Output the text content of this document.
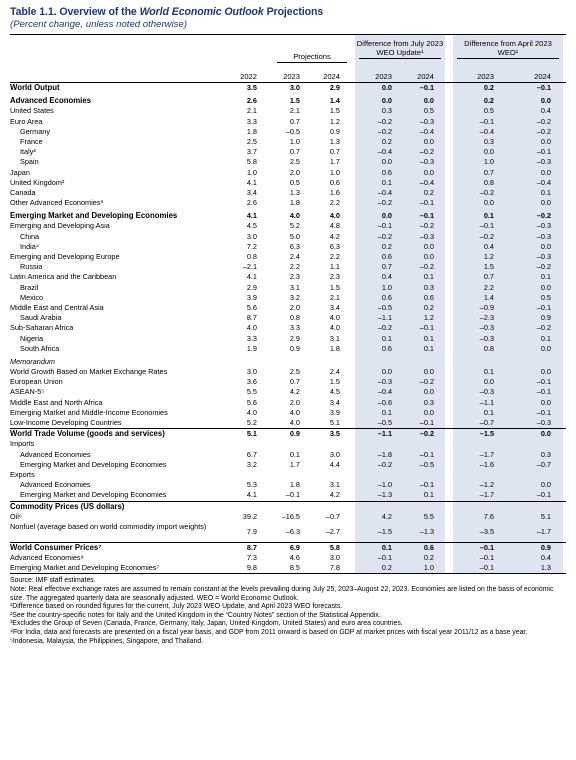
Table 1.1. Overview of the World Economic Outlook Projections
(Percent change, unless noted otherwise)
Projections
Difference from July 2023 WEO Update¹
Difference from April 2023 WEO¹
2022	2023	2024	2023	2024	2023	2024
World Output	3.5	3.0	2.9	0.0	–0.1	0.2	–0.1
Advanced Economies	2.6	1.5	1.4	0.0	0.0	0.2	0.0
United States	2.1	2.1	1.5	0.3	0.5	0.5	0.4
Euro Area	3.3	0.7	1.2	–0.2	–0.3	–0.1	–0.2
Germany	1.8	–0.5	0.9	–0.2	–0.4	–0.4	–0.2
France	2.5	1.0	1.3	0.2	0.0	0.3	0.0
Italy²	3.7	0.7	0.7	–0.4	–0.2	0.0	–0.1
Spain	5.8	2.5	1.7	0.0	–0.3	1.0	–0.3
Japan	1.0	2.0	1.0	0.6	0.0	0.7	0.0
United Kingdom²	4.1	0.5	0.6	0.1	–0.4	0.8	–0.4
Canada	3.4	1.3	1.6	–0.4	0.2	–0.2	0.1
Other Advanced Economies³	2.6	1.8	2.2	–0.2	–0.1	0.0	0.0
Emerging Market and Developing Economies	4.1	4.0	4.0	0.0	–0.1	0.1	–0.2
Emerging and Developing Asia	4.5	5.2	4.8	–0.1	–0.2	–0.1	–0.3
China	3.0	5.0	4.2	–0.2	–0.3	–0.2	–0.3
India⁴	7.2	6.3	6.3	0.2	0.0	0.4	0.0
Emerging and Developing Europe	0.8	2.4	2.2	0.6	0.0	1.2	–0.3
Russia	–2.1	2.2	1.1	0.7	–0.2	1.5	–0.2
Latin America and the Caribbean	4.1	2.3	2.3	0.4	0.1	0.7	0.1
Brazil	2.9	3.1	1.5	1.0	0.3	2.2	0.0
Mexico	3.9	3.2	2.1	0.6	0.6	1.4	0.5
Middle East and Central Asia	5.6	2.0	3.4	–0.5	0.2	–0.9	–0.1
Saudi Arabia	8.7	0.8	4.0	–1.1	1.2	–2.3	0.9
Sub-Saharan Africa	4.0	3.3	4.0	–0.2	–0.1	–0.3	–0.2
Nigeria	3.3	2.9	3.1	0.1	0.1	–0.3	0.1
South Africa	1.9	0.9	1.8	0.6	0.1	0.8	0.0
Memorandum
World Growth Based on Market Exchange Rates	3.0	2.5	2.4	0.0	0.0	0.1	0.0
European Union	3.6	0.7	1.5	–0.3	–0.2	0.0	–0.1
ASEAN-5⁵	5.5	4.2	4.5	–0.4	0.0	–0.3	–0.1
Middle East and North Africa	5.6	2.0	3.4	–0.6	0.3	–1.1	0.0
Emerging Market and Middle-Income Economies	4.0	4.0	3.9	0.1	0.0	0.1	–0.1
Low-Income Developing Countries	5.2	4.0	5.1	–0.5	–0.1	–0.7	–0.3
World Trade Volume (goods and services)	5.1	0.9	3.5	–1.1	–0.2	–1.5	0.0
Imports
Advanced Economies	6.7	0.1	3.0	–1.8	–0.1	–1.7	0.3
Emerging Market and Developing Economies	3.2	1.7	4.4	–0.2	–0.5	–1.6	–0.7
Exports
Advanced Economies	5.3	1.8	3.1	–1.0	–0.1	–1.2	0.0
Emerging Market and Developing Economies	4.1	–0.1	4.2	–1.3	0.1	–1.7	–0.1
Commodity Prices (US dollars)
Oil⁶	39.2	–16.5	–0.7	4.2	5.5	7.6	5.1
Nonfuel (average based on world commodity import weights)
7.9	–6.3	–2.7	–1.5	–1.3	–3.5	–1.7
World Consumer Prices⁷	8.7	6.9	5.8	0.1	0.6	–0.1	0.9
Advanced Economies⁸	7.3	4.6	3.0	–0.1	0.2	–0.1	0.4
Emerging Market and Developing Economies⁷	9.8	8.5	7.8	0.2	1.0	–0.1	1.3
Source: IMF staff estimates.
Note: Real effective exchange rates are assumed to remain constant at the levels prevailing during July 25, 2023–August 22, 2023. Economies are listed on the basis of economic size. The aggregated quarterly data are seasonally adjusted. WEO = World Economic Outlook.
¹Difference based on rounded figures for the current, July 2023 WEO Update, and April 2023 WEO forecasts.
²See the country-specific notes for Italy and the United Kingdom in the “Country Notes” section of the Statistical Appendix.
³Excludes the Group of Seven (Canada, France, Germany, Italy, Japan, United Kingdom, United States) and euro area countries.
⁴For India, data and forecasts are presented on a fiscal year basis, and GDP from 2011 onward is based on GDP at market prices with fiscal year 2011/12 as a base year.
⁵Indonesia, Malaysia, the Philippines, Singapore, and Thailand.
